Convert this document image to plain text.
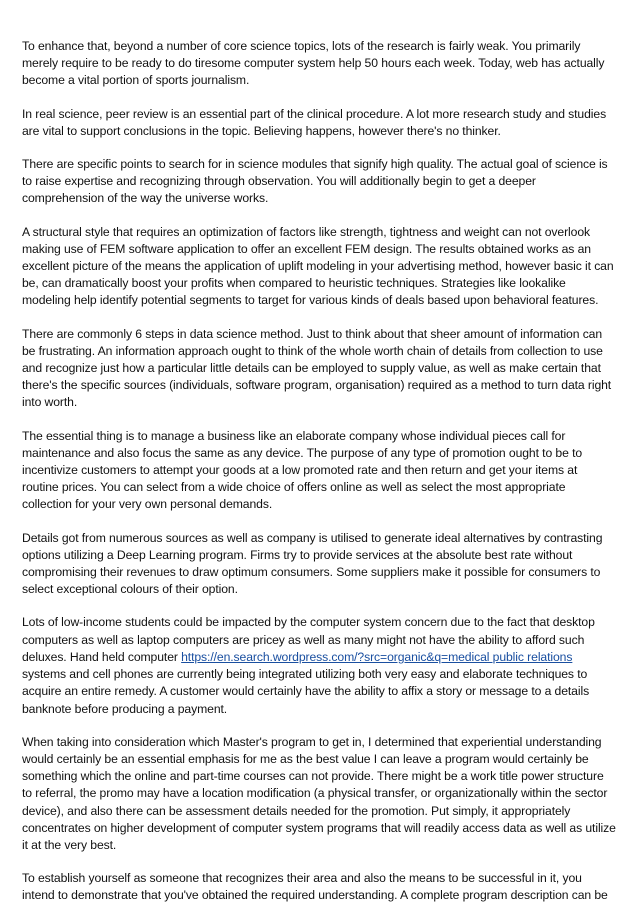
To enhance that, beyond a number of core science topics, lots of the research is fairly weak. You primarily merely require to be ready to do tiresome computer system help 50 hours each week. Today, web has actually become a vital portion of sports journalism.

In real science, peer review is an essential part of the clinical procedure. A lot more research study and studies are vital to support conclusions in the topic. Believing happens, however there's no thinker.

There are specific points to search for in science modules that signify high quality. The actual goal of science is to raise expertise and recognizing through observation. You will additionally begin to get a deeper comprehension of the way the universe works.

A structural style that requires an optimization of factors like strength, tightness and weight can not overlook making use of FEM software application to offer an excellent FEM design. The results obtained works as an excellent picture of the means the application of uplift modeling in your advertising method, however basic it can be, can dramatically boost your profits when compared to heuristic techniques. Strategies like lookalike modeling help identify potential segments to target for various kinds of deals based upon behavioral features.

There are commonly 6 steps in data science method. Just to think about that sheer amount of information can be frustrating. An information approach ought to think of the whole worth chain of details from collection to use and recognize just how a particular little details can be employed to supply value, as well as make certain that there's the specific sources (individuals, software program, organisation) required as a method to turn data right into worth.

The essential thing is to manage a business like an elaborate company whose individual pieces call for maintenance and also focus the same as any device. The purpose of any type of promotion ought to be to incentivize customers to attempt your goods at a low promoted rate and then return and get your items at routine prices. You can select from a wide choice of offers online as well as select the most appropriate collection for your very own personal demands.

Details got from numerous sources as well as company is utilised to generate ideal alternatives by contrasting options utilizing a Deep Learning program. Firms try to provide services at the absolute best rate without compromising their revenues to draw optimum consumers. Some suppliers make it possible for consumers to select exceptional colours of their option.

Lots of low-income students could be impacted by the computer system concern due to the fact that desktop computers as well as laptop computers are pricey as well as many might not have the ability to afford such deluxes. Hand held computer https://en.search.wordpress.com/?src=organic&q=medical public relations systems and cell phones are currently being integrated utilizing both very easy and elaborate techniques to acquire an entire remedy. A customer would certainly have the ability to affix a story or message to a details banknote before producing a payment.

When taking into consideration which Master's program to get in, I determined that experiential understanding would certainly be an essential emphasis for me as the best value I can leave a program would certainly be something which the online and part-time courses can not provide. There might be a work title power structure to referral, the promo may have a location modification (a physical transfer, or organizationally within the sector device), and also there can be assessment details needed for the promotion. Put simply, it appropriately concentrates on higher development of computer system programs that will readily access data as well as utilize it at the very best.

To establish yourself as someone that recognizes their area and also the means to be successful in it, you intend to demonstrate that you've obtained the required understanding. A complete program description can be
